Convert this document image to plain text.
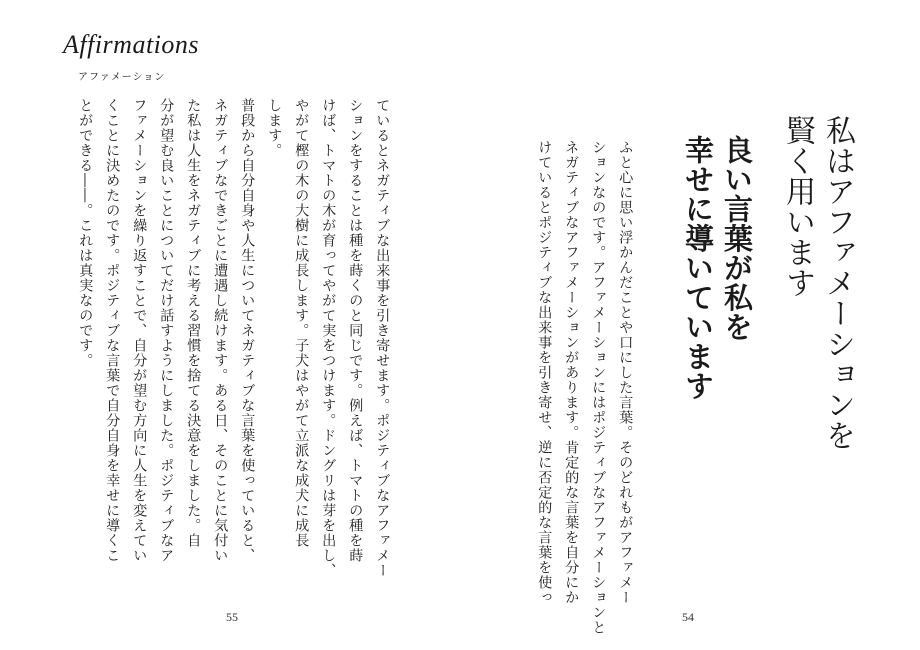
Affirmations
アファメーション
私はアファメーションを
賢く用います
良い言葉が私を
幸せに導いています
ふと心に思い浮かんだことや口にした言葉。そのどれもがアファメー
ションなのです。アファメーションにはポジティブなアファメーションと
ネガティブなアファメーションがあります。肯定的な言葉を自分にか
けているとポジティブな出来事を引き寄せ、逆に否定的な言葉を使っ
54
ているとネガティブな出来事を引き寄せます。ポジティブなアファメー
ションをすることは種を蒔くのと同じです。例えば、トマトの種を蒔
けば、トマトの木が育ってやがて実をつけます。ドングリは芽を出し、
やがて樫の木の大樹に成長します。子犬はやがて立派な成犬に成長
します。
普段から自分自身や人生についてネガティブな言葉を使っていると、
ネガティブなできごとに遭遇し続けます。ある日、そのことに気付い
た私は人生をネガティブに考える習慣を捨てる決意をしました。自
分が望む良いことについてだけ話すようにしました。ポジティブなア
ファメーションを繰り返すことで、自分が望む方向に人生を変えてい
くことに決めたのです。ポジティブな言葉で自分自身を幸せに導くこ
とができる――。これは真実なのです。
55
